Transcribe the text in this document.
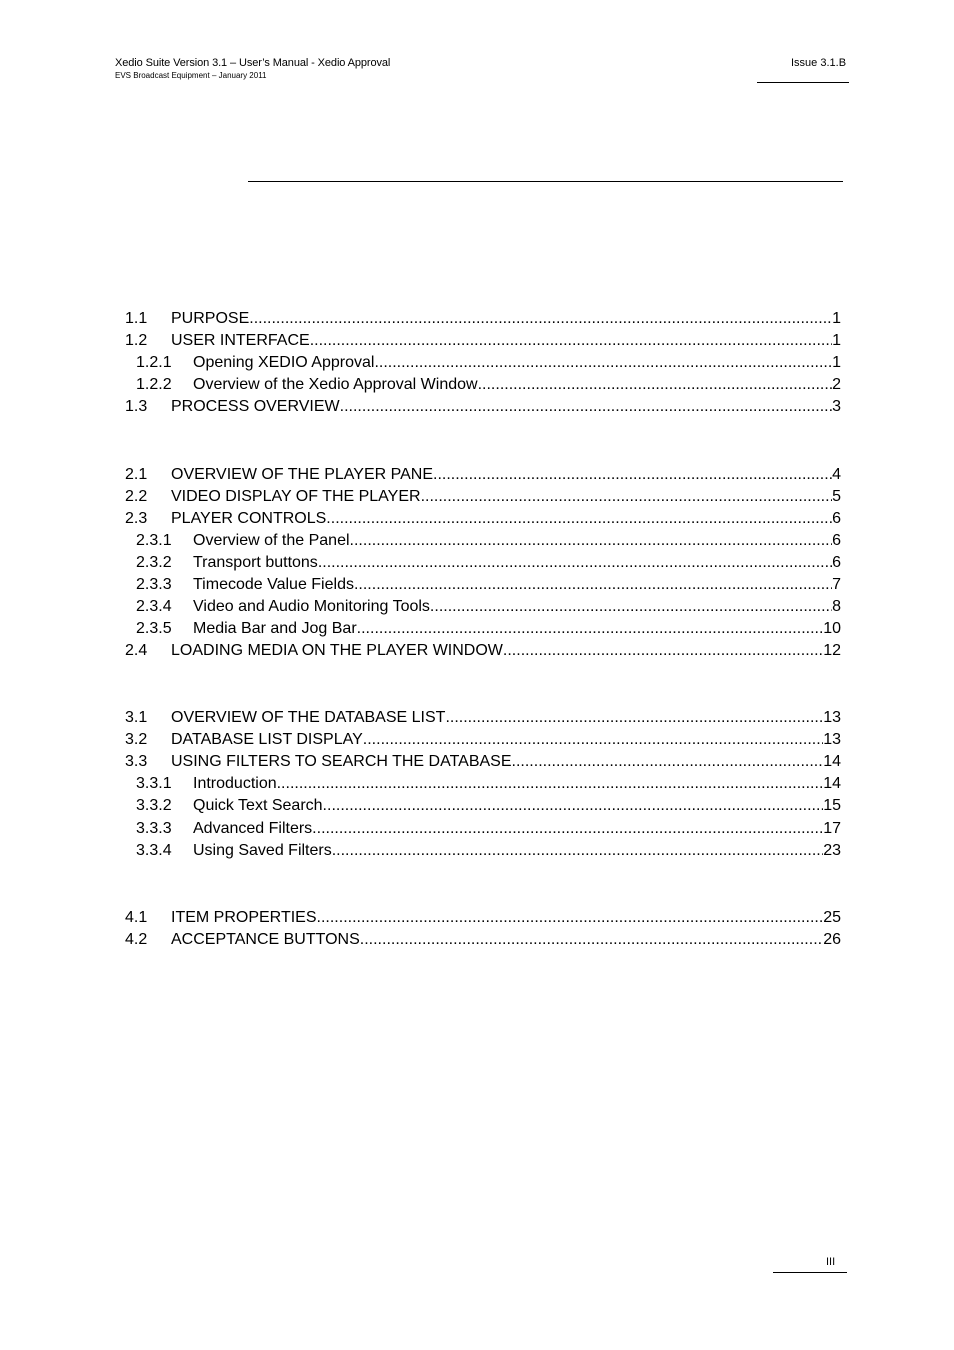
Xedio Suite Version 3.1 – User’s Manual - Xedio Approval
EVS Broadcast Equipment – January 2011
Issue 3.1.B
1.1	PURPOSE .....	1
1.2	USER INTERFACE .....	1
1.2.1	Opening XEDIO Approval .....	1
1.2.2	Overview of the Xedio Approval Window .....	2
1.3	PROCESS OVERVIEW .....	3
2.1	OVERVIEW OF THE PLAYER PANE .....	4
2.2	VIDEO DISPLAY OF THE PLAYER .....	5
2.3	PLAYER CONTROLS .....	6
2.3.1	Overview of the Panel .....	6
2.3.2	Transport buttons .....	6
2.3.3	Timecode Value Fields .....	7
2.3.4	Video and Audio Monitoring Tools .....	8
2.3.5	Media Bar and Jog Bar .....	10
2.4	LOADING MEDIA ON THE PLAYER WINDOW .....	12
3.1	OVERVIEW OF THE DATABASE LIST .....	13
3.2	DATABASE LIST DISPLAY .....	13
3.3	USING FILTERS TO SEARCH THE DATABASE .....	14
3.3.1	Introduction .....	14
3.3.2	Quick Text Search .....	15
3.3.3	Advanced Filters .....	17
3.3.4	Using Saved Filters .....	23
4.1	ITEM PROPERTIES .....	25
4.2	ACCEPTANCE BUTTONS .....	26
III
